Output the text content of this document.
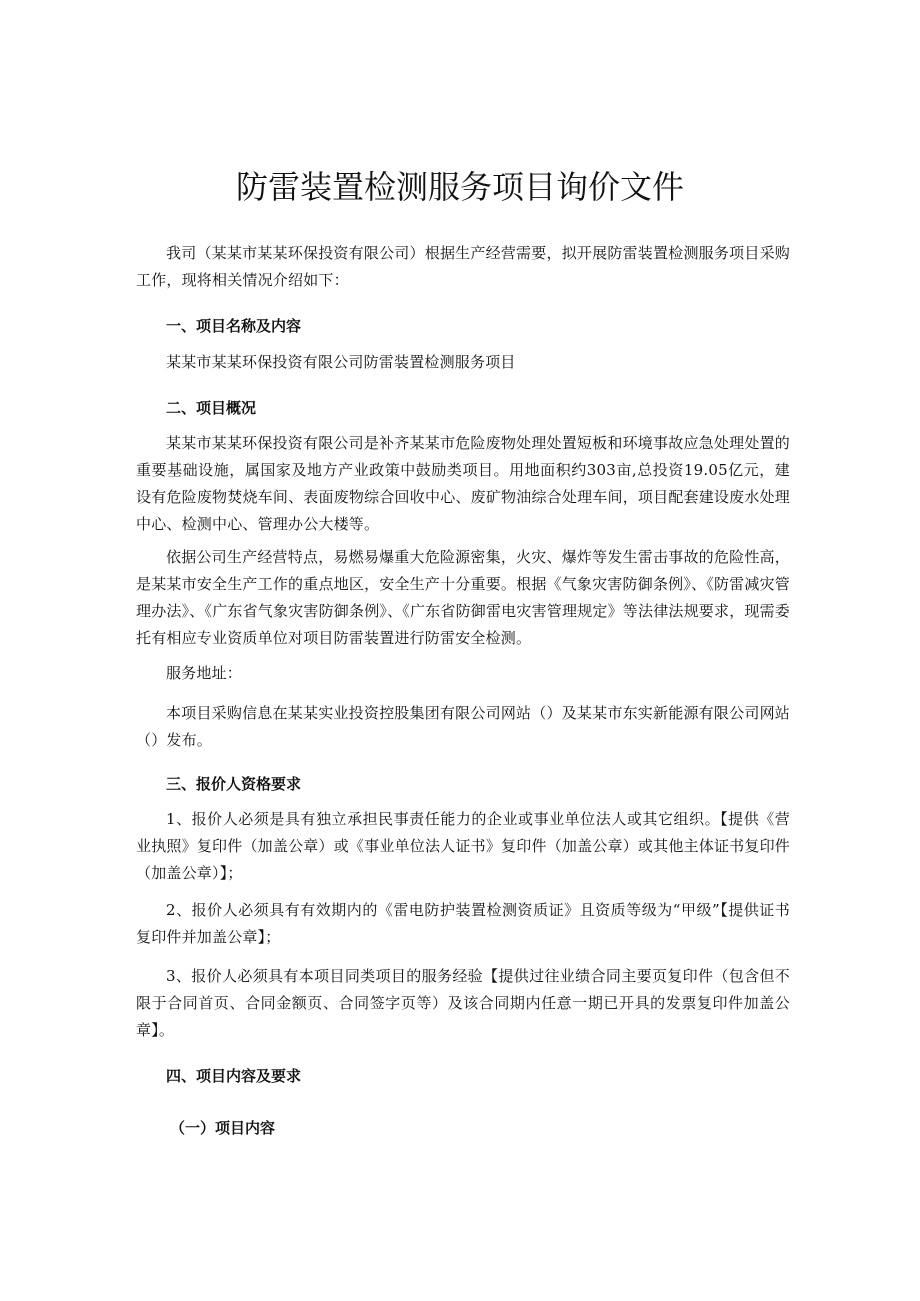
防雷装置检测服务项目询价文件

我司（某某市某某环保投资有限公司）根据生产经营需要，拟开展防雷装置检测服务项目采购工作，现将相关情况介绍如下：

一、项目名称及内容

某某市某某环保投资有限公司防雷装置检测服务项目

二、项目概况

某某市某某环保投资有限公司是补齐某某市危险废物处理处置短板和环境事故应急处理处置的重要基础设施，属国家及地方产业政策中鼓励类项目。用地面积约303亩,总投资19.05亿元，建设有危险废物焚烧车间、表面废物综合回收中心、废矿物油综合处理车间，项目配套建设废水处理中心、检测中心、管理办公大楼等。

依据公司生产经营特点，易燃易爆重大危险源密集，火灾、爆炸等发生雷击事故的危险性高，是某某市安全生产工作的重点地区，安全生产十分重要。根据《气象灾害防御条例》、《防雷减灾管理办法》、《广东省气象灾害防御条例》、《广东省防御雷电灾害管理规定》等法律法规要求，现需委托有相应专业资质单位对项目防雷装置进行防雷安全检测。

服务地址：

本项目采购信息在某某实业投资控股集团有限公司网站（）及某某市东实新能源有限公司网站（）发布。

三、报价人资格要求

1、报价人必须是具有独立承担民事责任能力的企业或事业单位法人或其它组织。【提供《营业执照》复印件（加盖公章）或《事业单位法人证书》复印件（加盖公章）或其他主体证书复印件（加盖公章）】；

2、报价人必须具有有效期内的《雷电防护装置检测资质证》且资质等级为“甲级”【提供证书复印件并加盖公章】；

3、报价人必须具有本项目同类项目的服务经验【提供过往业绩合同主要页复印件（包含但不限于合同首页、合同金额页、合同签字页等）及该合同期内任意一期已开具的发票复印件加盖公章】。

四、项目内容及要求

（一）项目内容
